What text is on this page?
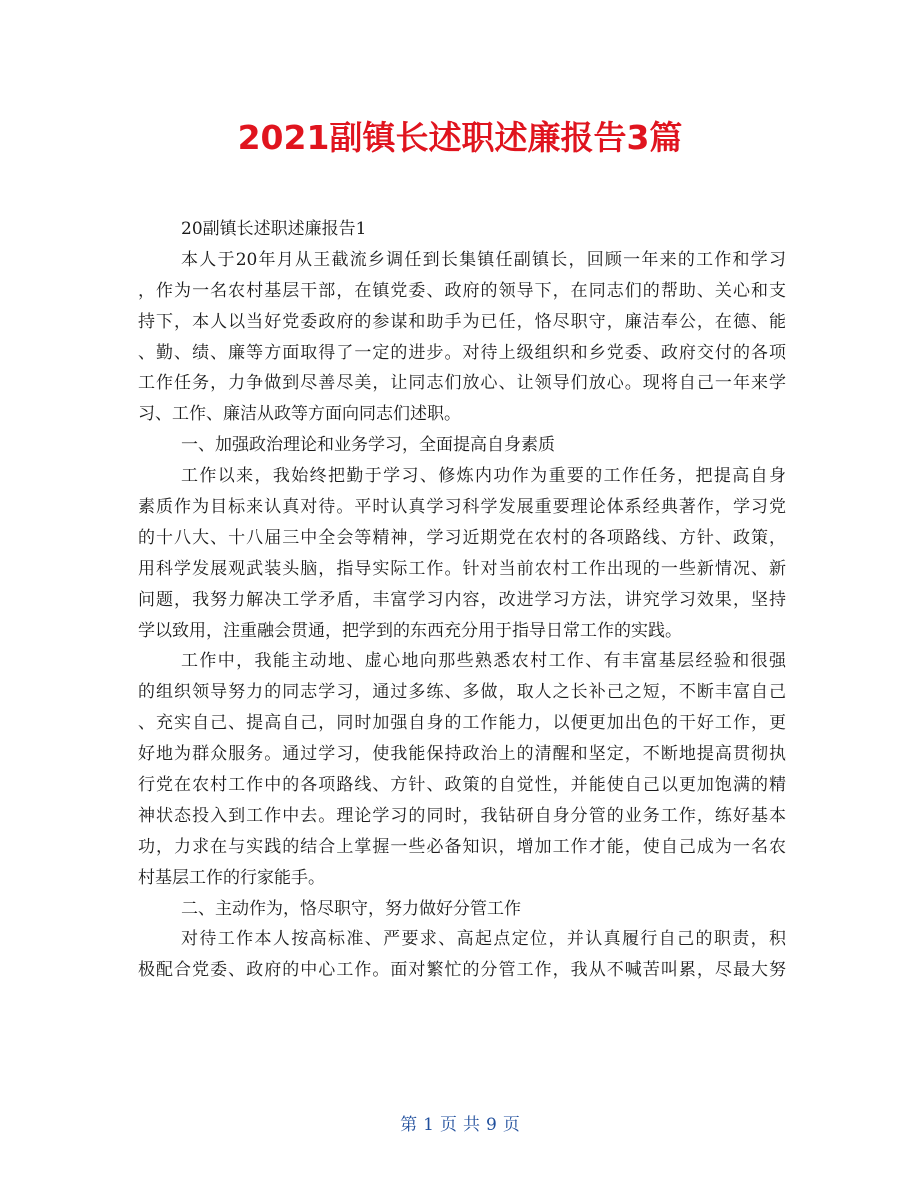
2021副镇长述职述廉报告3篇
20副镇长述职述廉报告1
本人于20年月从王截流乡调任到长集镇任副镇长，回顾一年来的工作和学习
，作为一名农村基层干部，在镇党委、政府的领导下，在同志们的帮助、关心和支
持下，本人以当好党委政府的参谋和助手为已任，恪尽职守，廉洁奉公，在德、能
、勤、绩、廉等方面取得了一定的进步。对待上级组织和乡党委、政府交付的各项
工作任务，力争做到尽善尽美，让同志们放心、让领导们放心。现将自己一年来学
习、工作、廉洁从政等方面向同志们述职。
一、加强政治理论和业务学习，全面提高自身素质
工作以来，我始终把勤于学习、修炼内功作为重要的工作任务，把提高自身
素质作为目标来认真对待。平时认真学习科学发展重要理论体系经典著作，学习党
的十八大、十八届三中全会等精神，学习近期党在农村的各项路线、方针、政策，
用科学发展观武装头脑，指导实际工作。针对当前农村工作出现的一些新情况、新
问题，我努力解决工学矛盾，丰富学习内容，改进学习方法，讲究学习效果，坚持
学以致用，注重融会贯通，把学到的东西充分用于指导日常工作的实践。
工作中，我能主动地、虚心地向那些熟悉农村工作、有丰富基层经验和很强
的组织领导努力的同志学习，通过多练、多做，取人之长补己之短，不断丰富自己
、充实自己、提高自己，同时加强自身的工作能力，以便更加出色的干好工作，更
好地为群众服务。通过学习，使我能保持政治上的清醒和坚定，不断地提高贯彻执
行党在农村工作中的各项路线、方针、政策的自觉性，并能使自己以更加饱满的精
神状态投入到工作中去。理论学习的同时，我钻研自身分管的业务工作，练好基本
功，力求在与实践的结合上掌握一些必备知识，增加工作才能，使自己成为一名农
村基层工作的行家能手。
二、主动作为，恪尽职守，努力做好分管工作
对待工作本人按高标准、严要求、高起点定位，并认真履行自己的职责，积
极配合党委、政府的中心工作。面对繁忙的分管工作，我从不喊苦叫累，尽最大努
第 1 页 共 9 页
